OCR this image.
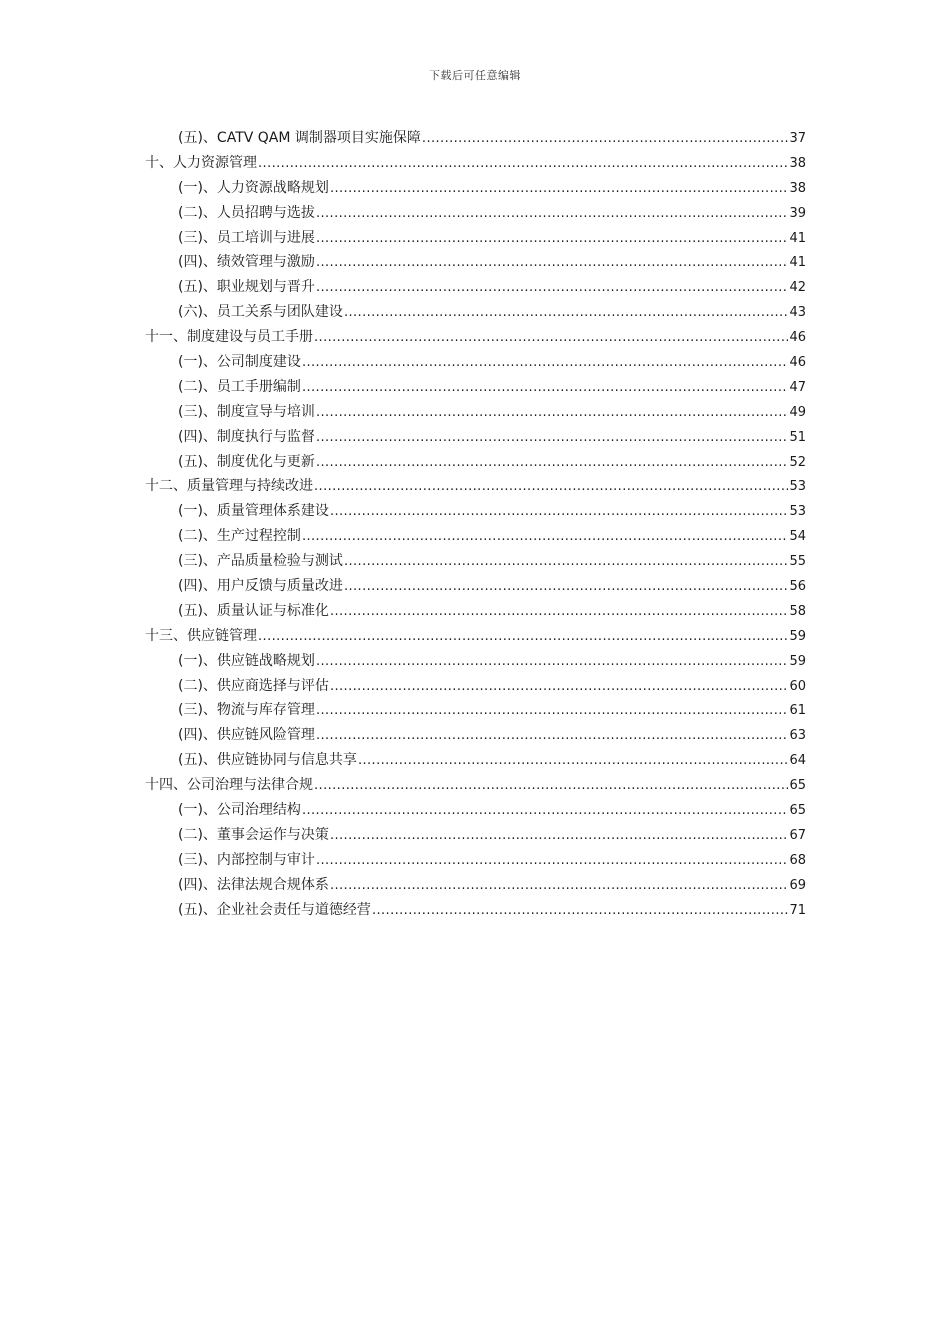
下载后可任意编辑
(五)、CATV QAM 调制器项目实施保障 .....	37
十、人力资源管理 .....	38
(一)、人力资源战略规划 .....	38
(二)、人员招聘与选拔 .....	39
(三)、员工培训与进展 .....	41
(四)、绩效管理与激励 .....	41
(五)、职业规划与晋升 .....	42
(六)、员工关系与团队建设 .....	43
十一、制度建设与员工手册 .....	46
(一)、公司制度建设 .....	46
(二)、员工手册编制 .....	47
(三)、制度宣导与培训 .....	49
(四)、制度执行与监督 .....	51
(五)、制度优化与更新 .....	52
十二、质量管理与持续改进 .....	53
(一)、质量管理体系建设 .....	53
(二)、生产过程控制 .....	54
(三)、产品质量检验与测试 .....	55
(四)、用户反馈与质量改进 .....	56
(五)、质量认证与标准化 .....	58
十三、供应链管理 .....	59
(一)、供应链战略规划 .....	59
(二)、供应商选择与评估 .....	60
(三)、物流与库存管理 .....	61
(四)、供应链风险管理 .....	63
(五)、供应链协同与信息共享 .....	64
十四、公司治理与法律合规 .....	65
(一)、公司治理结构 .....	65
(二)、董事会运作与决策 .....	67
(三)、内部控制与审计 .....	68
(四)、法律法规合规体系 .....	69
(五)、企业社会责任与道德经营 .....	71
